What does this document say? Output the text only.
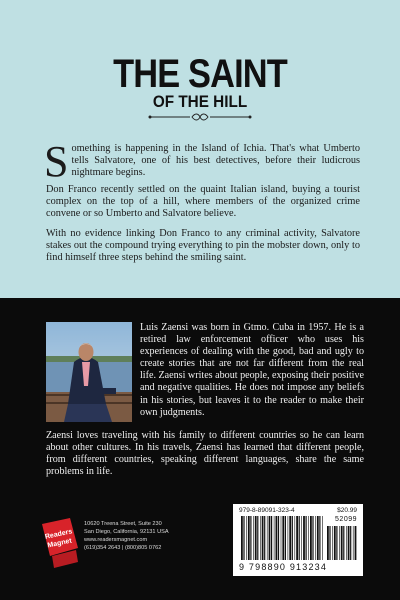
THE SAINT
OF THE HILL

Something is happening in the Island of Ichia. That's what Umberto tells Salvatore, one of his best detectives, before their ludicrous nightmare begins.

Don Franco recently settled on the quaint Italian island, buying a tourist complex on the top of a hill, where members of the organized crime convene or so Umberto and Salvatore believe.

With no evidence linking Don Franco to any criminal activity, Salvatore stakes out the compound trying everything to pin the mobster down, only to find himself three steps behind the smiling saint.

Luis Zaensi was born in Gtmo. Cuba in 1957. He is a retired law enforcement officer who uses his experiences of dealing with the good, bad and ugly to create stories that are not far different from the real life. Zaensi writes about people, exposing their positive and negative qualities. He does not impose any beliefs in his stories, but leaves it to the reader to make their own judgments.

Zaensi loves traveling with his family to different countries so he can learn about other cultures. In his travels, Zaensi has learned that different people, from different countries, speaking different languages, share the same problems in life.

Readers
Magnet
10620 Treena Street, Suite 230
San Diego, California, 92131 USA
www.readersmagnet.com
(619)354 2643 | (800)805 0762
979-8-89091-323-4	$20.99
52099
9 798890 913234
